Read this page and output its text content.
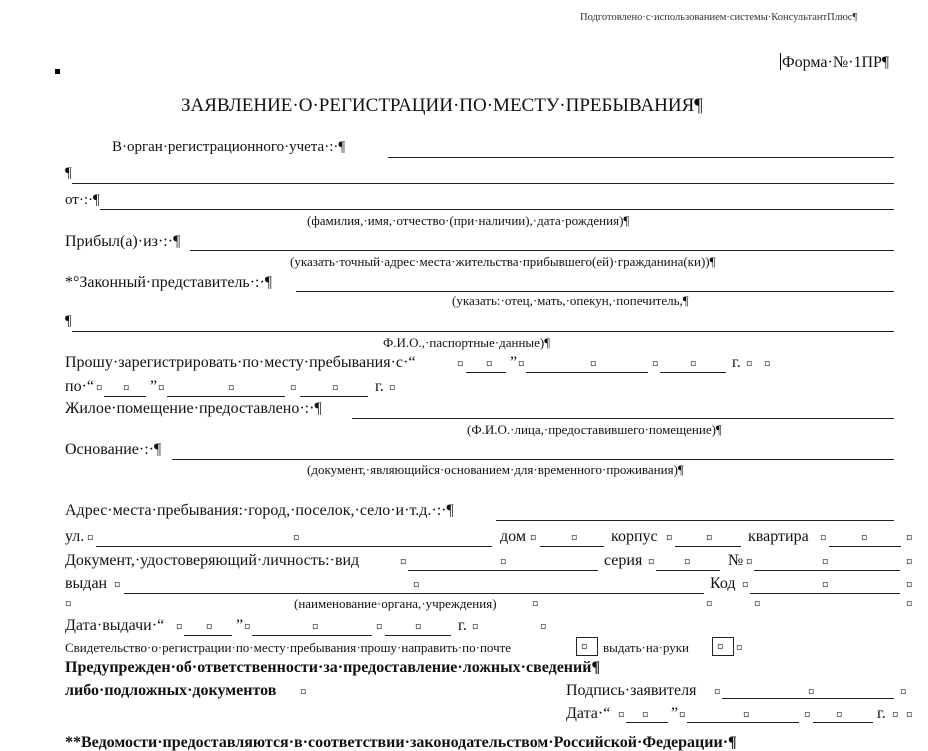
Подготовлено·с·использованием·системы·КонсультантПлюс¶
Форма·№·1ПР¶
ЗАЯВЛЕНИЕ·О·РЕГИСТРАЦИИ·ПО·МЕСТУ·ПРЕБЫВАНИЯ¶
В·орган·регистрационного·учета·:·¶
¶
от·:·¶
(фамилия,·имя,·отчество·(при·наличии),·дата·рождения)¶
Прибыл(а)·из·:·¶
(указать·точный·адрес·места·жительства·прибывшего(ей)·гражданина(ки))¶
*°Законный·представитель·:·¶
(указать:·отец,·мать,·опекун,·попечитель,¶
¶
Ф.И.О.,·паспортные·данные)¶
Прошу·зарегистрировать·по·месту·пребывания·с·“	¤ ¤ ” ¤	¤	¤ ¤ г. ¤ ¤
по·“ ¤ ¤ ” ¤	¤	¤	¤ г. ¤
Жилое·помещение·предоставлено·:·¶
(Ф.И.О.·лица,·предоставившего·помещение)¶
Основание·:·¶
(документ,·являющийся·основанием·для·временного·проживания)¶
Адрес·места·пребывания:·город,·поселок,·село·и·т.д.·:·¶
ул. ¤	¤	дом ¤	¤ корпус ¤	¤ квартира ¤	¤	¤
Документ,·удостоверяющий·личность:·вид	¤	¤	серия ¤ ¤ № ¤	¤	¤
выдан ¤	¤	Код ¤	¤	¤
¤	(наименование·органа,·учреждения)	¤	¤	¤	¤
Дата·выдачи·“ ¤ ¤ ” ¤	¤	¤	¤ г. ¤	¤
Свидетельство·о·регистрации·по·месту·пребывания·прошу·направить·по·почте	¤ выдать·на·руки ¤ ¤
Предупрежден·об·ответственности·за·предоставление·ложных·сведений¶
либо·подложных·документов ¤	Подпись·заявителя ¤	¤	¤
Дата·“ ¤ ¤ ” ¤	¤	¤ ¤ г. ¤ ¤
**Ведомости·предоставляются·в·соответствии·законодательством·Российской·Федерации·¶
